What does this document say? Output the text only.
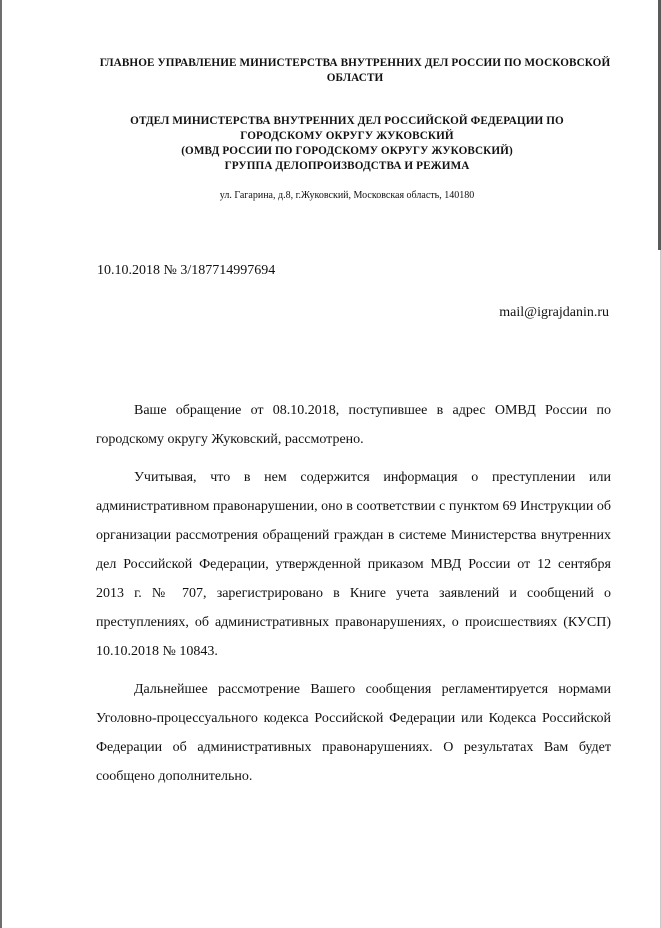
ГЛАВНОЕ УПРАВЛЕНИЕ МИНИСТЕРСТВА ВНУТРЕННИХ ДЕЛ РОССИИ ПО МОСКОВСКОЙ
ОБЛАСТИ
ОТДЕЛ МИНИСТЕРСТВА ВНУТРЕННИХ ДЕЛ РОССИЙСКОЙ ФЕДЕРАЦИИ ПО
ГОРОДСКОМУ ОКРУГУ ЖУКОВСКИЙ
(ОМВД РОССИИ ПО ГОРОДСКОМУ ОКРУГУ ЖУКОВСКИЙ)
ГРУППА ДЕЛОПРОИЗВОДСТВА И РЕЖИМА
ул. Гагарина, д.8, г.Жуковский, Московская область, 140180
10.10.2018 № 3/187714997694
mail@igrajdanin.ru

Ваше обращение от 08.10.2018, поступившее в адрес ОМВД России по городскому округу Жуковский, рассмотрено.

Учитывая, что в нем содержится информация о преступлении или административном правонарушении, оно в соответствии с пунктом 69 Инструкции об организации рассмотрения обращений граждан в системе Министерства внутренних дел Российской Федерации, утвержденной приказом МВД России от 12 сентября 2013 г. № 707, зарегистрировано в Книге учета заявлений и сообщений о преступлениях, об административных правонарушениях, о происшествиях (КУСП) 10.10.2018 № 10843.

Дальнейшее рассмотрение Вашего сообщения регламентируется нормами Уголовно-процессуального кодекса Российской Федерации или Кодекса Российской Федерации об административных правонарушениях. О результатах Вам будет сообщено дополнительно.
